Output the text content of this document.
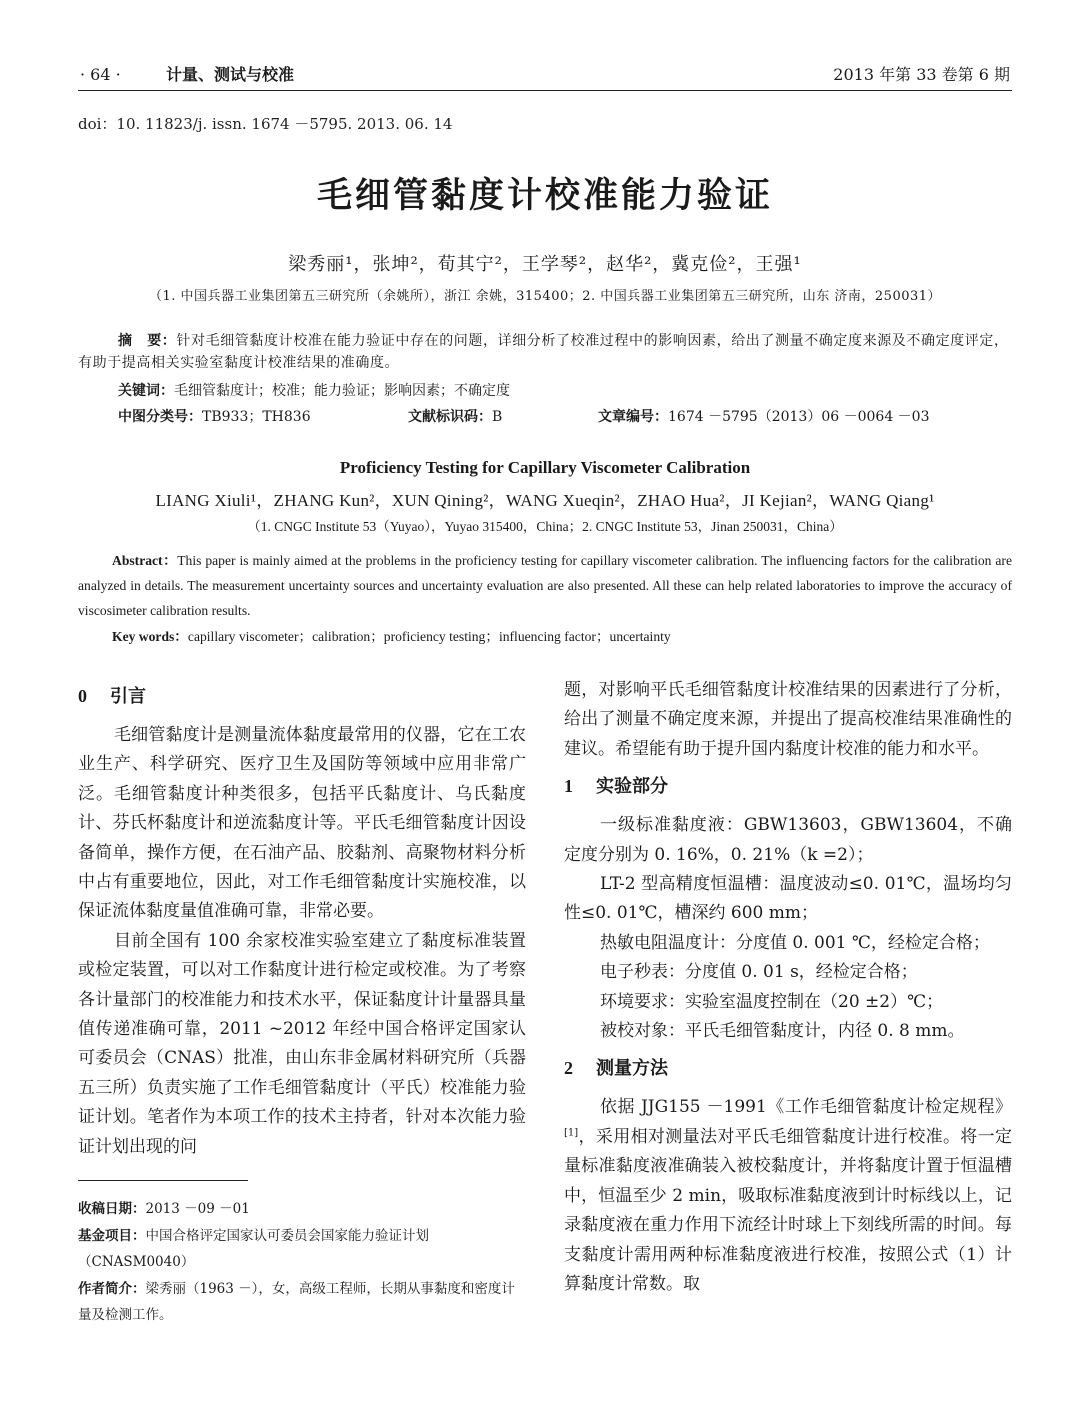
· 64 ·	计量、测试与校准	2013 年第 33 卷第 6 期
doi：10. 11823/j. issn. 1674 －5795. 2013. 06. 14
毛细管黏度计校准能力验证
梁秀丽¹，张坤²，荀其宁²，王学琴²，赵华²，冀克俭²，王强¹
（1. 中国兵器工业集团第五三研究所（余姚所），浙江 余姚，315400；2. 中国兵器工业集团第五三研究所，山东 济南，250031）

摘　要：针对毛细管黏度计校准在能力验证中存在的问题，详细分析了校准过程中的影响因素，给出了测量不确定度来源及不确定度评定，有助于提高相关实验室黏度计校准结果的准确度。

关键词：毛细管黏度计；校准；能力验证；影响因素；不确定度
中图分类号：TB933；TH836	文献标识码：B	文章编号：1674 －5795（2013）06 －0064 －03
Proficiency Testing for Capillary Viscometer Calibration
LIANG Xiuli¹，ZHANG Kun²，XUN Qining²，WANG Xueqin²，ZHAO Hua²，JI Kejian²，WANG Qiang¹
（1. CNGC Institute 53（Yuyao），Yuyao 315400，China；2. CNGC Institute 53，Jinan 250031，China）

Abstract：This paper is mainly aimed at the problems in the proficiency testing for capillary viscometer calibration. The influencing factors for the calibration are analyzed in details. The measurement uncertainty sources and uncertainty evaluation are also presented. All these can help related laboratories to improve the accuracy of viscosimeter calibration results.

Key words：capillary viscometer；calibration；proficiency testing；influencing factor；uncertainty
0 引言

毛细管黏度计是测量流体黏度最常用的仪器，它在工农业生产、科学研究、医疗卫生及国防等领域中应用非常广泛。毛细管黏度计种类很多，包括平氏黏度计、乌氏黏度计、芬氏杯黏度计和逆流黏度计等。平氏毛细管黏度计因设备简单，操作方便，在石油产品、胶黏剂、高聚物材料分析中占有重要地位，因此，对工作毛细管黏度计实施校准，以保证流体黏度量值准确可靠，非常必要。

目前全国有 100 余家校准实验室建立了黏度标准装置或检定装置，可以对工作黏度计进行检定或校准。为了考察各计量部门的校准能力和技术水平，保证黏度计计量器具量值传递准确可靠，2011 ~2012 年经中国合格评定国家认可委员会（CNAS）批准，由山东非金属材料研究所（兵器五三所）负责实施了工作毛细管黏度计（平氏）校准能力验证计划。笔者作为本项工作的技术主持者，针对本次能力验证计划出现的问

题，对影响平氏毛细管黏度计校准结果的因素进行了分析，给出了测量不确定度来源，并提出了提高校准结果准确性的建议。希望能有助于提升国内黏度计校准的能力和水平。

1 实验部分

一级标准黏度液：GBW13603，GBW13604，不确定度分别为 0. 16%，0. 21%（k =2）；

LT-2 型高精度恒温槽：温度波动≤0. 01℃，温场均匀性≤0. 01℃，槽深约 600 mm；

热敏电阻温度计：分度值 0. 001 ℃，经检定合格；

电子秒表：分度值 0. 01 s，经检定合格；

环境要求：实验室温度控制在（20 ±2）℃；

被校对象：平氏毛细管黏度计，内径 0. 8 mm。

2 测量方法

依据 JJG155 －1991《工作毛细管黏度计检定规程》[1]，采用相对测量法对平氏毛细管黏度计进行校准。将一定量标准黏度液准确装入被校黏度计，并将黏度计置于恒温槽中，恒温至少 2 min，吸取标准黏度液到计时标线以上，记录黏度液在重力作用下流经计时球上下刻线所需的时间。每支黏度计需用两种标准黏度液进行校准，按照公式（1）计算黏度计常数。取

收稿日期：2013 －09 －01

基金项目：中国合格评定国家认可委员会国家能力验证计划（CNASM0040）

作者简介：梁秀丽（1963 －），女，高级工程师，长期从事黏度和密度计量及检测工作。
